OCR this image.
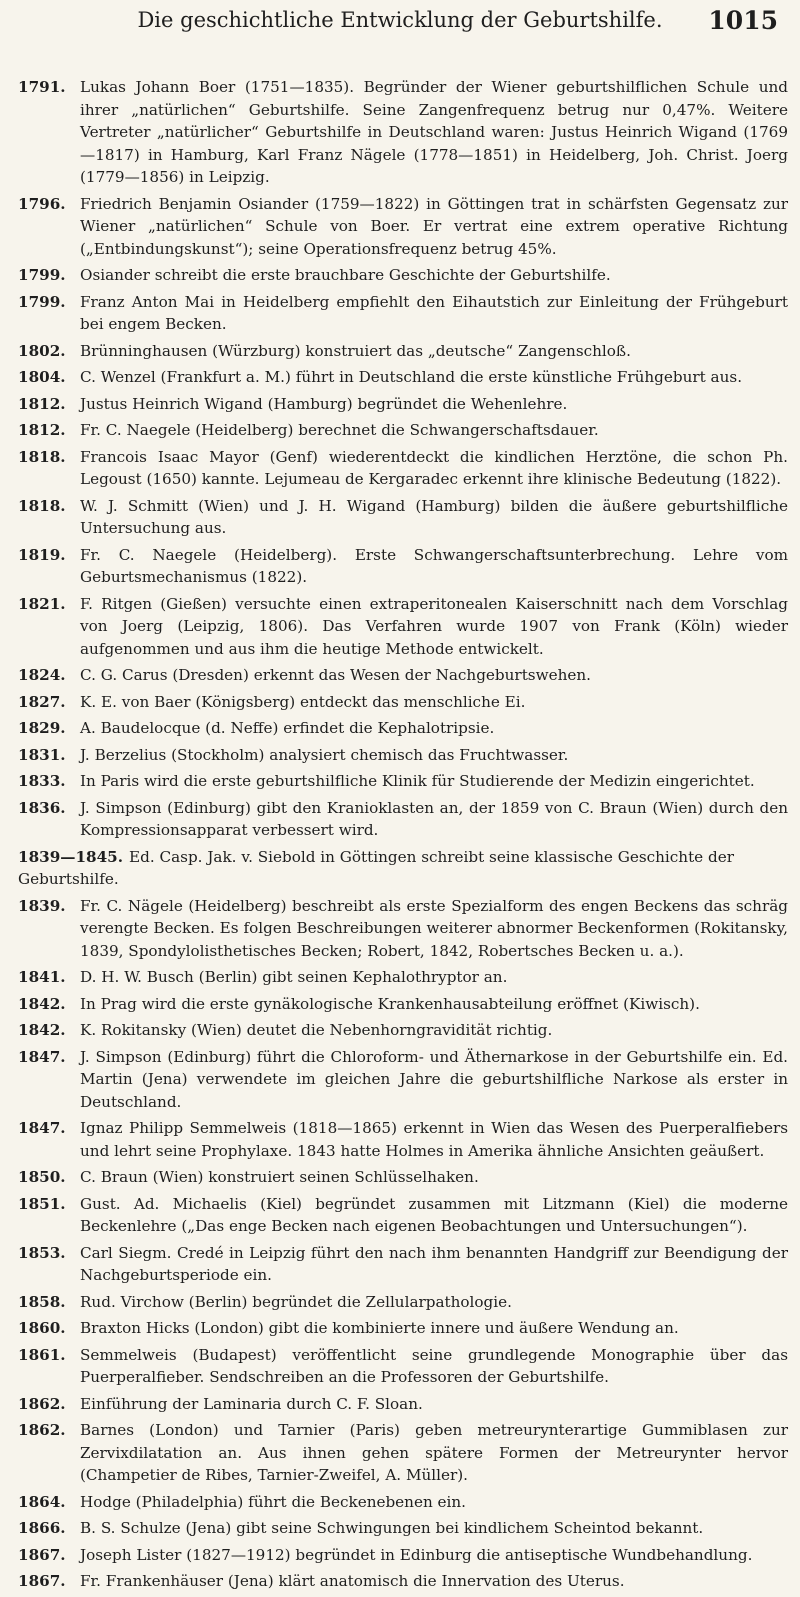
Die geschichtliche Entwicklung der Geburtshilfe.	1015
1791. Lukas Johann Boer (1751—1835). Begründer der Wiener geburtshilflichen Schule und ihrer „natürlichen“ Geburtshilfe. Seine Zangenfrequenz betrug nur 0,47%. Weitere Vertreter „natürlicher“ Geburtshilfe in Deutschland waren: Justus Heinrich Wigand (1769—1817) in Hamburg, Karl Franz Nägele (1778—1851) in Heidelberg, Joh. Christ. Joerg (1779—1856) in Leipzig.
1796. Friedrich Benjamin Osiander (1759—1822) in Göttingen trat in schärfsten Gegensatz zur Wiener „natürlichen“ Schule von Boer. Er vertrat eine extrem operative Richtung („Entbindungskunst“); seine Operationsfrequenz betrug 45%.
1799. Osiander schreibt die erste brauchbare Geschichte der Geburtshilfe.
1799. Franz Anton Mai in Heidelberg empfiehlt den Eihautstich zur Einleitung der Frühgeburt bei engem Becken.
1802. Brünninghausen (Würzburg) konstruiert das „deutsche“ Zangenschloß.
1804. C. Wenzel (Frankfurt a. M.) führt in Deutschland die erste künstliche Frühgeburt aus.
1812. Justus Heinrich Wigand (Hamburg) begründet die Wehenlehre.
1812. Fr. C. Naegele (Heidelberg) berechnet die Schwangerschaftsdauer.
1818. Francois Isaac Mayor (Genf) wiederentdeckt die kindlichen Herztöne, die schon Ph. Legoust (1650) kannte. Lejumeau de Kergaradec erkennt ihre klinische Bedeutung (1822).
1818. W. J. Schmitt (Wien) und J. H. Wigand (Hamburg) bilden die äußere geburtshilfliche Untersuchung aus.
1819. Fr. C. Naegele (Heidelberg). Erste Schwangerschaftsunterbrechung. Lehre vom Geburtsmechanismus (1822).
1821. F. Ritgen (Gießen) versuchte einen extraperitonealen Kaiserschnitt nach dem Vorschlag von Joerg (Leipzig, 1806). Das Verfahren wurde 1907 von Frank (Köln) wieder aufgenommen und aus ihm die heutige Methode entwickelt.
1824. C. G. Carus (Dresden) erkennt das Wesen der Nachgeburtswehen.
1827. K. E. von Baer (Königsberg) entdeckt das menschliche Ei.
1829. A. Baudelocque (d. Neffe) erfindet die Kephalotripsie.
1831. J. Berzelius (Stockholm) analysiert chemisch das Fruchtwasser.
1833. In Paris wird die erste geburtshilfliche Klinik für Studierende der Medizin eingerichtet.
1836. J. Simpson (Edinburg) gibt den Kranioklasten an, der 1859 von C. Braun (Wien) durch den Kompressionsapparat verbessert wird.
1839—1845. Ed. Casp. Jak. v. Siebold in Göttingen schreibt seine klassische Geschichte der Geburtshilfe.
1839. Fr. C. Nägele (Heidelberg) beschreibt als erste Spezialform des engen Beckens das schräg verengte Becken. Es folgen Beschreibungen weiterer abnormer Beckenformen (Rokitansky, 1839, Spondylolisthetisches Becken; Robert, 1842, Robertsches Becken u. a.).
1841. D. H. W. Busch (Berlin) gibt seinen Kephalothryptor an.
1842. In Prag wird die erste gynäkologische Krankenhausabteilung eröffnet (Kiwisch).
1842. K. Rokitansky (Wien) deutet die Nebenhorngravidität richtig.
1847. J. Simpson (Edinburg) führt die Chloroform- und Äthernarkose in der Geburtshilfe ein. Ed. Martin (Jena) verwendete im gleichen Jahre die geburtshilfliche Narkose als erster in Deutschland.
1847. Ignaz Philipp Semmelweis (1818—1865) erkennt in Wien das Wesen des Puerperalfiebers und lehrt seine Prophylaxe. 1843 hatte Holmes in Amerika ähnliche Ansichten geäußert.
1850. C. Braun (Wien) konstruiert seinen Schlüsselhaken.
1851. Gust. Ad. Michaelis (Kiel) begründet zusammen mit Litzmann (Kiel) die moderne Beckenlehre („Das enge Becken nach eigenen Beobachtungen und Untersuchungen“).
1853. Carl Siegm. Credé in Leipzig führt den nach ihm benannten Handgriff zur Beendigung der Nachgeburtsperiode ein.
1858. Rud. Virchow (Berlin) begründet die Zellularpathologie.
1860. Braxton Hicks (London) gibt die kombinierte innere und äußere Wendung an.
1861. Semmelweis (Budapest) veröffentlicht seine grundlegende Monographie über das Puerperalfieber. Sendschreiben an die Professoren der Geburtshilfe.
1862. Einführung der Laminaria durch C. F. Sloan.
1862. Barnes (London) und Tarnier (Paris) geben metreurynterartige Gummiblasen zur Zervixdilatation an. Aus ihnen gehen spätere Formen der Metreurynter hervor (Champetier de Ribes, Tarnier-Zweifel, A. Müller).
1864. Hodge (Philadelphia) führt die Beckenebenen ein.
1866. B. S. Schulze (Jena) gibt seine Schwingungen bei kindlichem Scheintod bekannt.
1867. Joseph Lister (1827—1912) begründet in Edinburg die antiseptische Wundbehandlung.
1867. Fr. Frankenhäuser (Jena) klärt anatomisch die Innervation des Uterus.
